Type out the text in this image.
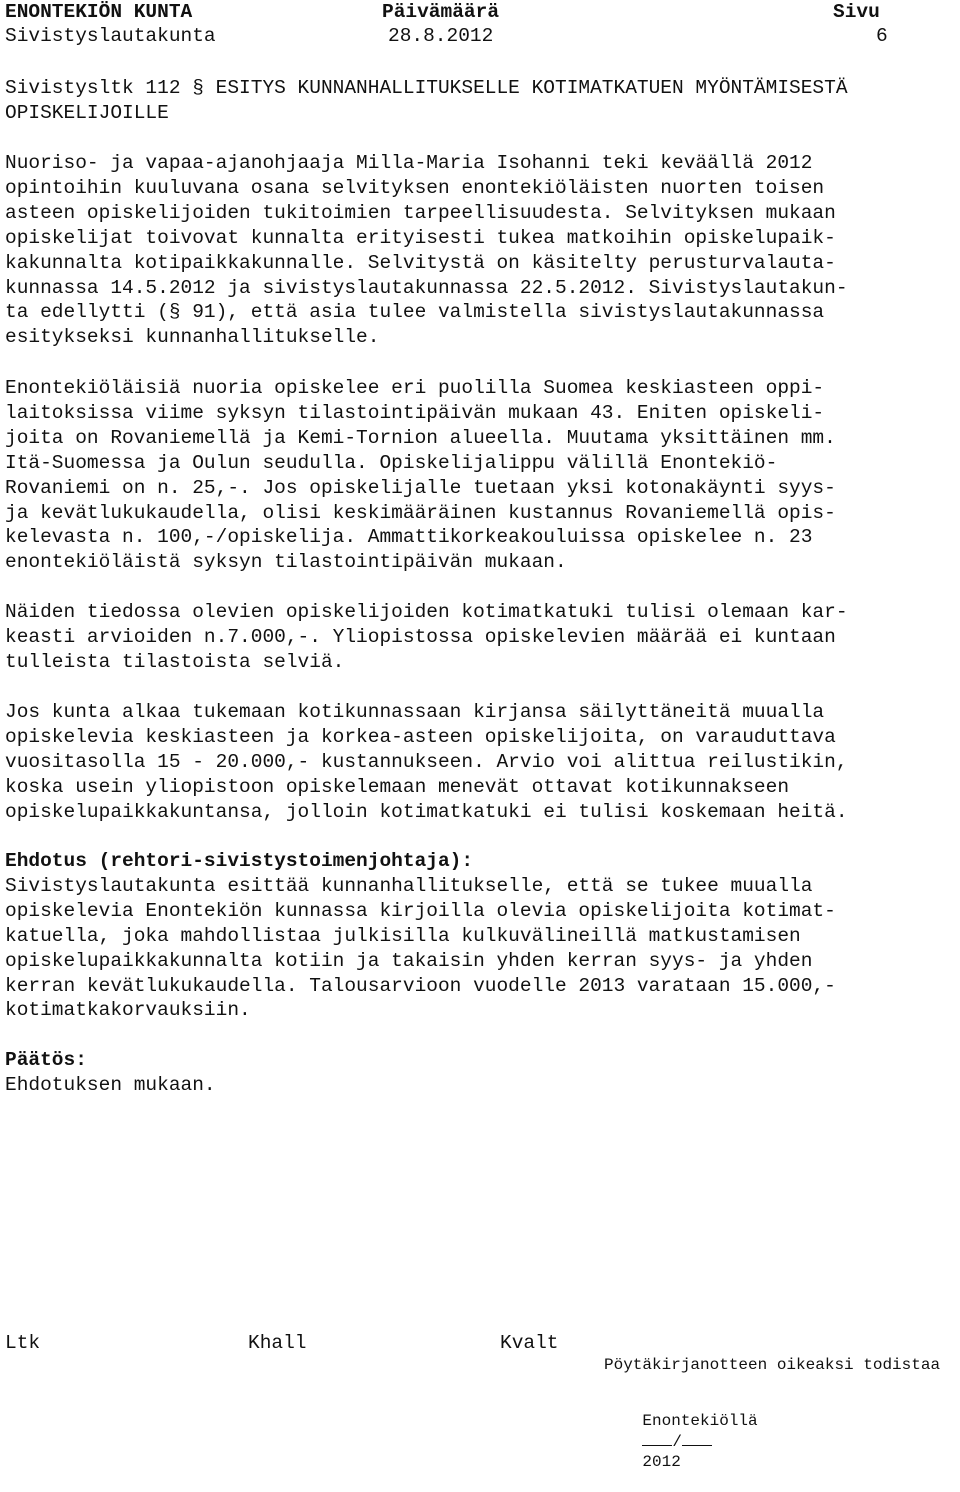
ENONTEKIÖN KUNTA	Päivämäärä	Sivu
Sivistyslautakunta	28.8.2012	6
Sivistysltk 112 § ESITYS KUNNANHALLITUKSELLE KOTIMATKATUEN MYÖNTÄMISESTÄ
OPISKELIJOILLE
Nuoriso- ja vapaa-ajanohjaaja Milla-Maria Isohanni teki keväällä 2012
opintoihin kuuluvana osana selvityksen enontekiöläisten nuorten toisen
asteen opiskelijoiden tukitoimien tarpeellisuudesta. Selvityksen mukaan
opiskelijat toivovat kunnalta erityisesti tukea matkoihin opiskelupaik-
kakunnalta kotipaikkakunnalle. Selvitystä on käsitelty perusturvalauta-
kunnassa 14.5.2012 ja sivistyslautakunnassa 22.5.2012. Sivistyslautakun-
ta edellytti (§ 91), että asia tulee valmistella sivistyslautakunnassa
esitykseksi kunnanhallitukselle.
Enontekiöläisiä nuoria opiskelee eri puolilla Suomea keskiasteen oppi-
laitoksissa viime syksyn tilastointipäivän mukaan 43. Eniten opiskeli-
joita on Rovaniemellä ja Kemi-Tornion alueella. Muutama yksittäinen mm.
Itä-Suomessa ja Oulun seudulla. Opiskelijalippu välillä Enontekiö-
Rovaniemi on n. 25,-. Jos opiskelijalle tuetaan yksi kotonakäynti syys-
ja kevätlukukaudella, olisi keskimääräinen kustannus Rovaniemellä opis-
kelevasta n. 100,-/opiskelija. Ammattikorkeakouluissa opiskelee n. 23
enontekiöläistä syksyn tilastointipäivän mukaan.
Näiden tiedossa olevien opiskelijoiden kotimatkatuki tulisi olemaan kar-
keasti arvioiden n.7.000,-. Yliopistossa opiskelevien määrää ei kuntaan
tulleista tilastoista selviä.
Jos kunta alkaa tukemaan kotikunnassaan kirjansa säilyttäneitä muualla
opiskelevia keskiasteen ja korkea-asteen opiskelijoita, on varauduttava
vuositasolla 15 - 20.000,- kustannukseen. Arvio voi alittua reilustikin,
koska usein yliopistoon opiskelemaan menevät ottavat kotikunnakseen
opiskelupaikkakuntansa, jolloin kotimatkatuki ei tulisi koskemaan heitä.
Ehdotus (rehtori-sivistystoimenjohtaja):
Sivistyslautakunta esittää kunnanhallitukselle, että se tukee muualla
opiskelevia Enontekiön kunnassa kirjoilla olevia opiskelijoita kotimat-
katuella, joka mahdollistaa julkisilla kulkuvälineillä matkustamisen
opiskelupaikkakunnalta kotiin ja takaisin yhden kerran syys- ja yhden
kerran kevätlukukaudella. Talousarvioon vuodelle 2013 varataan 15.000,-
kotimatkakorvauksiin.
Päätös:
Ehdotuksen mukaan.
Ltk	Khall	Kvalt
Pöytäkirjanotteen oikeaksi todistaa

Enontekiöllä
/
2012
